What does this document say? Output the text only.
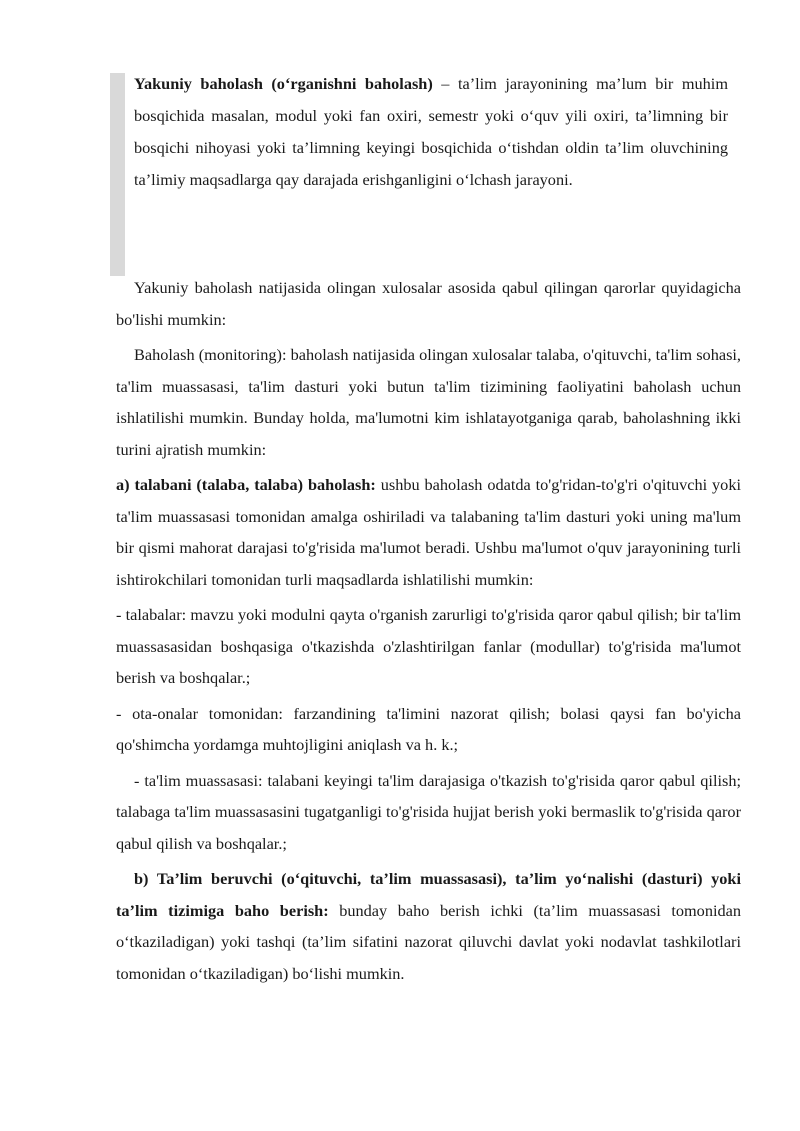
Yakuniy baholash (o‘rganishni baholash) – ta’lim jarayonining ma’lum bir muhim bosqichida masalan, modul yoki fan oxiri, semestr yoki o‘quv yili oxiri, ta’limning bir bosqichi nihoyasi yoki ta’limning keyingi bosqichida o‘tishdan oldin ta’lim oluvchining ta’limiy maqsadlarga qay darajada erishganligini o‘lchash jarayoni.

Yakuniy baholash natijasida olingan xulosalar asosida qabul qilingan qarorlar quyidagicha bo'lishi mumkin:

Baholash (monitoring): baholash natijasida olingan xulosalar talaba, o'qituvchi, ta'lim sohasi, ta'lim muassasasi, ta'lim dasturi yoki butun ta'lim tizimining faoliyatini baholash uchun ishlatilishi mumkin. Bunday holda, ma'lumotni kim ishlatayotganiga qarab, baholashning ikki turini ajratish mumkin:

a) talabani (talaba, talaba) baholash: ushbu baholash odatda to'g'ridan-to'g'ri o'qituvchi yoki ta'lim muassasasi tomonidan amalga oshiriladi va talabaning ta'lim dasturi yoki uning ma'lum bir qismi mahorat darajasi to'g'risida ma'lumot beradi. Ushbu ma'lumot o'quv jarayonining turli ishtirokchilari tomonidan turli maqsadlarda ishlatilishi mumkin:

- talabalar: mavzu yoki modulni qayta o'rganish zarurligi to'g'risida qaror qabul qilish; bir ta'lim muassasasidan boshqasiga o'tkazishda o'zlashtirilgan fanlar (modullar) to'g'risida ma'lumot berish va boshqalar.;

- ota-onalar tomonidan: farzandining ta'limini nazorat qilish; bolasi qaysi fan bo'yicha qo'shimcha yordamga muhtojligini aniqlash va h. k.;

- ta'lim muassasasi: talabani keyingi ta'lim darajasiga o'tkazish to'g'risida qaror qabul qilish; talabaga ta'lim muassasasini tugatganligi to'g'risida hujjat berish yoki bermaslik to'g'risida qaror qabul qilish va boshqalar.;

b) Ta’lim beruvchi (o‘qituvchi, ta’lim muassasasi), ta’lim yo‘nalishi (dasturi) yoki ta’lim tizimiga baho berish: bunday baho berish ichki (ta’lim muassasasi tomonidan o‘tkaziladigan) yoki tashqi (ta’lim sifatini nazorat qiluvchi davlat yoki nodavlat tashkilotlari tomonidan o‘tkaziladigan) bo‘lishi mumkin.
